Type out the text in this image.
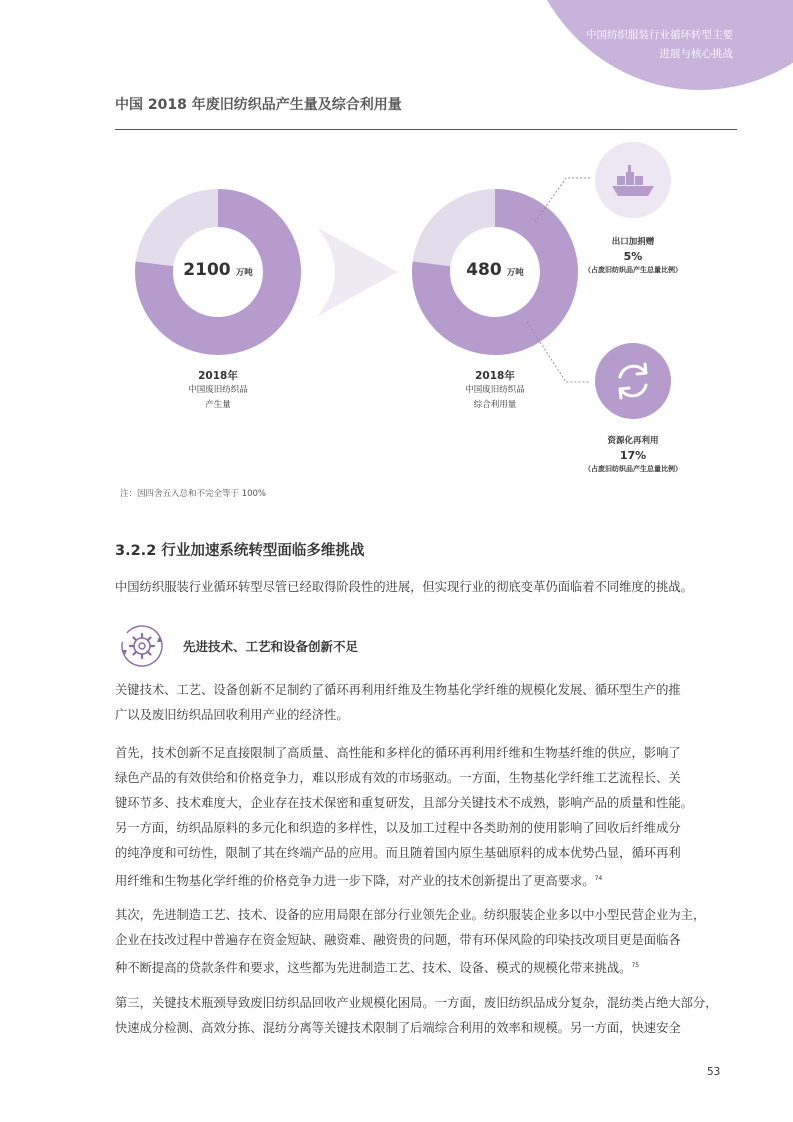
中国纺织服装行业循环转型主要
进展与核心挑战
中国 2018 年废旧纺织品产生量及综合利用量
2100 万吨	480 万吨
2018年
中国废旧纺织品
产生量
2018年
中国废旧纺织品
综合利用量
出口加捐赠
5%
（占废旧纺织品产生总量比例）
资源化再利用
17%
（占废旧纺织品产生总量比例）
注：因四舍五入总和不完全等于 100%
3.2.2 行业加速系统转型面临多维挑战

中国纺织服装行业循环转型尽管已经取得阶段性的进展，但实现行业的彻底变革仍面临着不同维度的挑战。

先进技术、工艺和设备创新不足

关键技术、工艺、设备创新不足制约了循环再利用纤维及生物基化学纤维的规模化发展、循环型生产的推

广以及废旧纺织品回收利用产业的经济性。

首先，技术创新不足直接限制了高质量、高性能和多样化的循环再利用纤维和生物基纤维的供应，影响了

绿色产品的有效供给和价格竞争力，难以形成有效的市场驱动。一方面，生物基化学纤维工艺流程长、关

键环节多、技术难度大，企业存在技术保密和重复研发，且部分关键技术不成熟，影响产品的质量和性能。

另一方面，纺织品原料的多元化和织造的多样性，以及加工过程中各类助剂的使用影响了回收后纤维成分

的纯净度和可纺性，限制了其在终端产品的应用。而且随着国内原生基础原料的成本优势凸显，循环再利

用纤维和生物基化学纤维的价格竞争力进一步下降，对产业的技术创新提出了更高要求。$^{74}$

其次，先进制造工艺、技术、设备的应用局限在部分行业领先企业。纺织服装企业多以中小型民营企业为主，

企业在技改过程中普遍存在资金短缺、融资难、融资贵的问题，带有环保风险的印染技改项目更是面临各

种不断提高的贷款条件和要求，这些都为先进制造工艺、技术、设备、模式的规模化带来挑战。$^{75}$

第三，关键技术瓶颈导致废旧纺织品回收产业规模化困局。一方面，废旧纺织品成分复杂，混纺类占绝大部分，

快速成分检测、高效分拣、混纺分离等关键技术限制了后端综合利用的效率和规模。另一方面，快速安全

53
